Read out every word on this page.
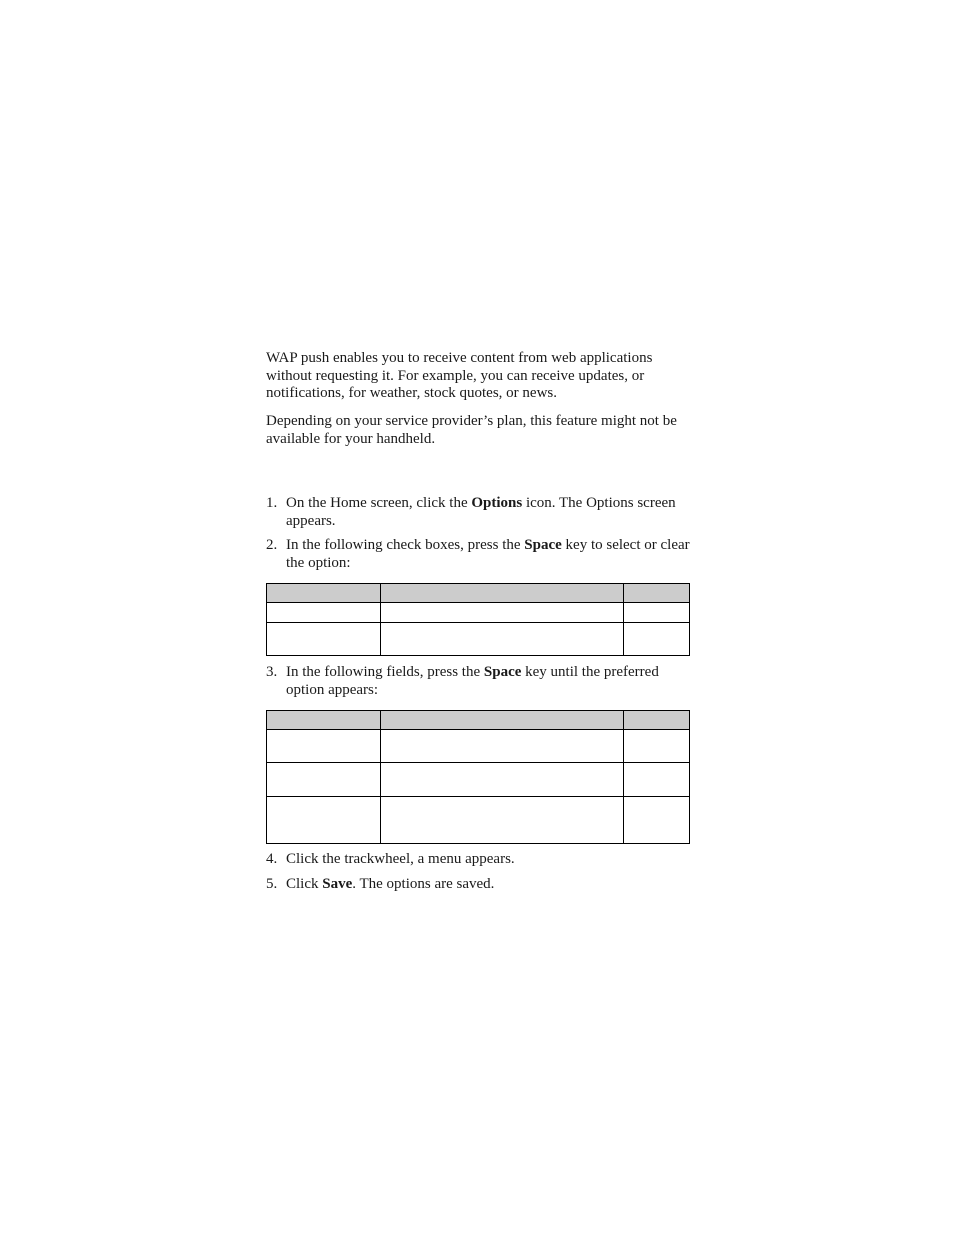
WAP push enables you to receive content from web applications without requesting it. For example, you can receive updates, or notifications, for weather, stock quotes, or news.

Depending on your service provider’s plan, this feature might not be available for your handheld.

1. On the Home screen, click the Options icon. The Options screen appears.
2. In the following check boxes, press the Space key to select or clear the option:

3. In the following fields, press the Space key until the preferred option appears:

4. Click the trackwheel, a menu appears.
5. Click Save. The options are saved.
